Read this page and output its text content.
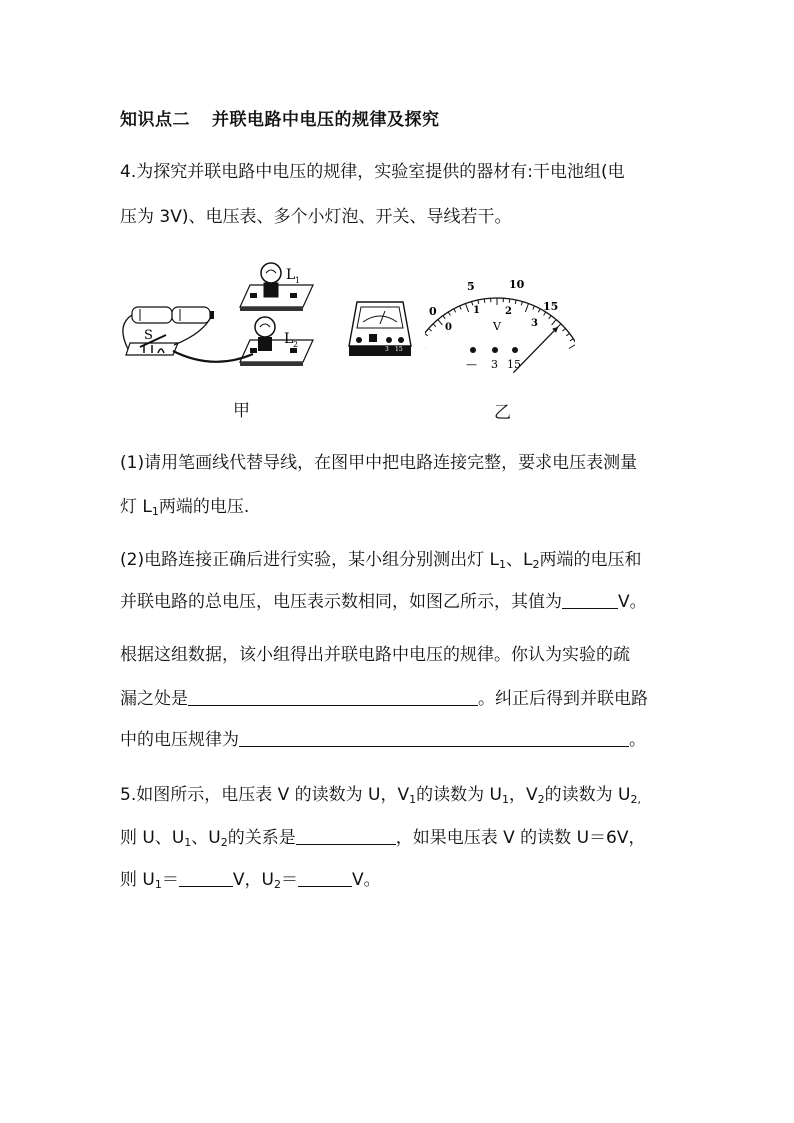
知识点二 并联电路中电压的规律及探究
4.为探究并联电路中电压的规律，实验室提供的器材有:干电池组(电
压为 3V)、电压表、多个小灯泡、开关、导线若干。
L 1
L 2
S
3 15
0
5	10
15
0
1	2
3
V
— 3 15
甲	乙
(1)请用笔画线代替导线，在图甲中把电路连接完整，要求电压表测量
灯 $L_1$两端的电压.
(2)电路连接正确后进行实验，某小组分别测出灯 $L_1$、$L_2$两端的电压和
并联电路的总电压，电压表示数相同，如图乙所示，其值为	V。
根据这组数据，该小组得出并联电路中电压的规律。你认为实验的疏
漏之处是	。纠正后得到并联电路
中的电压规律为	。
5.如图所示，电压表 V 的读数为 U，$V_1$的读数为 $U_1$，$V_2$的读数为 $U_{2,}$
则 U、$U_1$、$U_2$的关系是	，如果电压表 V 的读数 U＝6V，
则 $U_1=$	V，$U_2=$	V。
